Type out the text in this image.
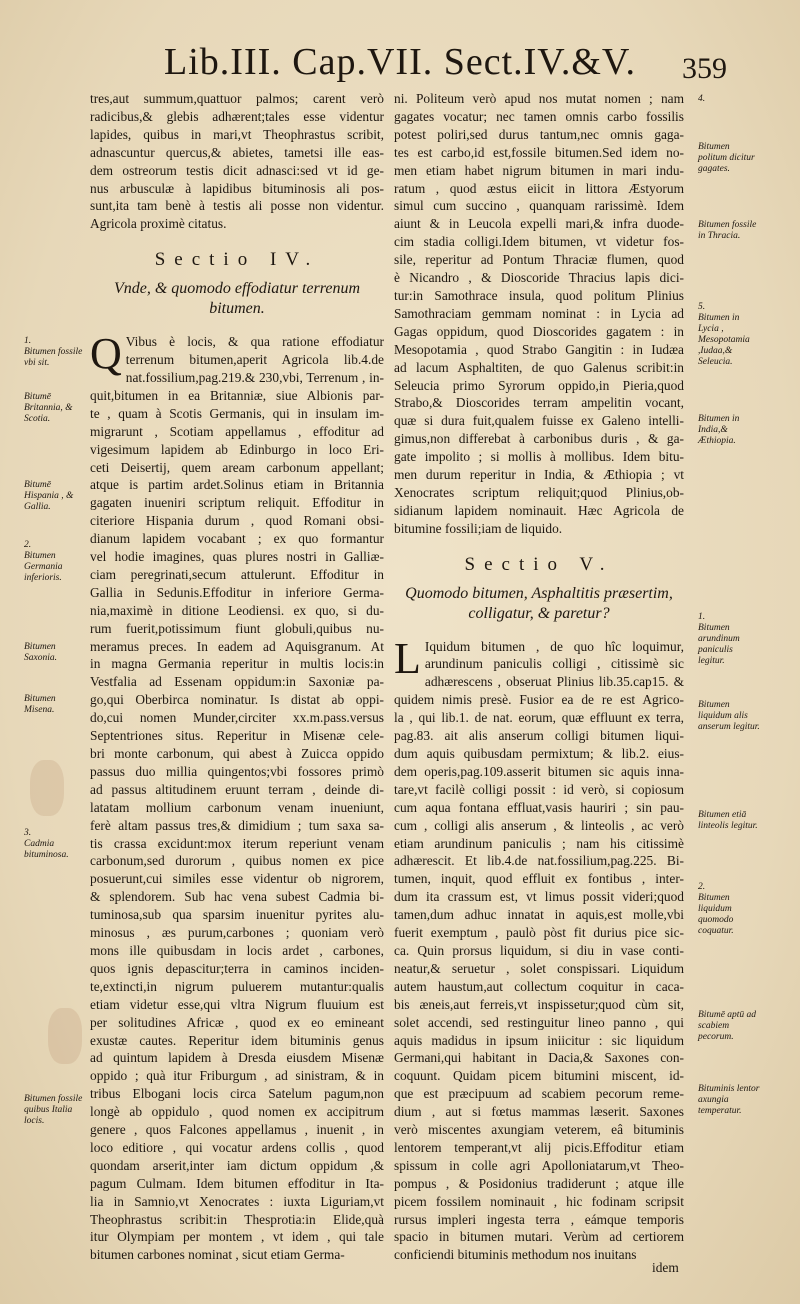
Lib.III. Cap.VII. Sect.IV.&V.	359

tres,aut summum,quattuor palmos; carent verò

radicibus,& glebis adhærent;tales esse videntur

lapides, quibus in mari,vt Theophrastus scribit,

adnascuntur quercus,& abietes, tametsi ille eas-

dem ostreorum testis dicit adnasci:sed vt id ge-

nus arbusculæ à lapidibus bituminosis ali pos-

sunt,ita tam benè à testis ali posse non videntur.

Agricola proximè citatus.

Sectio IV.
Vnde, & quomodo effodiatur terrenum bitumen.
Q Vibus è locis, & qua ratione effodiatur

terrenum bitumen,aperit Agricola lib.4.de

nat.fossilium,pag.219.& 230,vbi, Terrenum , in-

quit,bitumen in ea Britanniæ, siue Albionis par-

te , quam à Scotis Germanis, qui in insulam im-

migrarunt , Scotiam appellamus , effoditur ad

vigesimum lapidem ab Edinburgo in loco Eri-

ceti Deisertij, quem aream carbonum appellant;

atque is partim ardet.Solinus etiam in Britannia

gagaten inueniri scriptum reliquit. Effoditur in

citeriore Hispania durum , quod Romani obsi-

dianum lapidem vocabant ; ex quo formantur

vel hodie imagines, quas plures nostri in Galliæ-

ciam peregrinati,secum attulerunt. Effoditur in

Gallia in Sedunis.Effoditur in inferiore Germa-

nia,maximè in ditione Leodiensi. ex quo, si du-

rum fuerit,potissimum fiunt globuli,quibus nu-

meramus preces. In eadem ad Aquisgranum. At

in magna Germania reperitur in multis locis:in

Vestfalia ad Essenam oppidum:in Saxoniæ pa-

go,qui Oberbirca nominatur. Is distat ab oppi-

do,cui nomen Munder,circiter xx.m.pass.versus

Septentriones situs. Reperitur in Misenæ cele-

bri monte carbonum, qui abest à Zuicca oppido

passus duo millia quingentos;vbi fossores primò

ad passus altitudinem eruunt terram , deinde di-

latatam mollium carbonum venam inueniunt,

ferè altam passus tres,& dimidium ; tum saxa sa-

tis crassa excidunt:mox iterum reperiunt venam

carbonum,sed durorum , quibus nomen ex pice

posuerunt,cui similes esse videntur ob nigrorem,

& splendorem. Sub hac vena subest Cadmia bi-

tuminosa,sub qua sparsim inuenitur pyrites alu-

minosus , æs purum,carbones ; quoniam verò

mons ille quibusdam in locis ardet , carbones,

quos ignis depascitur;terra in caminos inciden-

te,extincti,in nigrum puluerem mutantur:qualis

etiam videtur esse,qui vltra Nigrum fluuium est

per solitudines Africæ , quod ex eo emineant

exustæ cautes. Reperitur idem bituminis genus

ad quintum lapidem à Dresda eiusdem Misenæ

oppido ; quà itur Friburgum , ad sinistram, & in

tribus Elbogani locis circa Satelum pagum,non

longè ab oppidulo , quod nomen ex accipitrum

genere , quos Falcones appellamus , inuenit , in

loco editiore , qui vocatur ardens collis , quod

quondam arserit,inter iam dictum oppidum ,&

pagum Culmam. Idem bitumen effoditur in Ita-

lia in Samnio,vt Xenocrates : iuxta Liguriam,vt

Theophrastus scribit:in Thesprotia:in Elide,quà

itur Olympiam per montem , vt idem , qui tale

bitumen carbones nominat , sicut etiam Germa-

ni. Politeum verò apud nos mutat nomen ; nam

gagates vocatur; nec tamen omnis carbo fossilis

potest poliri,sed durus tantum,nec omnis gaga-

tes est carbo,id est,fossile bitumen.Sed idem no-

men etiam habet nigrum bitumen in mari indu-

ratum , quod æstus eiicit in littora Æstyorum

simul cum succino , quanquam rarissimè. Idem

aiunt & in Leucola expelli mari,& infra duode-

cim stadia colligi.Idem bitumen, vt videtur fos-

sile, reperitur ad Pontum Thraciæ flumen, quod

è Nicandro , & Dioscoride Thracius lapis dici-

tur:in Samothrace insula, quod politum Plinius

Samothraciam gemmam nominat : in Lycia ad

Gagas oppidum, quod Dioscorides gagatem : in

Mesopotamia , quod Strabo Gangitin : in Iudæa

ad lacum Asphaltiten, de quo Galenus scribit:in

Seleucia primo Syrorum oppido,in Pieria,quod

Strabo,& Dioscorides terram ampelitin vocant,

quæ si dura fuit,qualem fuisse ex Galeno intelli-

gimus,non differebat à carbonibus duris , & ga-

gate impolito ; si mollis à mollibus. Idem bitu-

men durum reperitur in India, & Æthiopia ; vt

Xenocrates scriptum reliquit;quod Plinius,ob-

sidianum lapidem nominauit. Hæc Agricola de

bitumine fossili;iam de liquido.

Sectio V.
Quomodo bitumen, Asphaltitis præsertim, colligatur, & paretur?
L Iquidum bitumen , de quo hîc loquimur,

arundinum paniculis colligi , citissimè sic

adhærescens , obseruat Plinius lib.35.cap15. &

quidem nimis presè. Fusior ea de re est Agrico-

la , qui lib.1. de nat. eorum, quæ effluunt ex terra,

pag.83. ait alis anserum colligi bitumen liqui-

dum aquis quibusdam permixtum; & lib.2. eius-

dem operis,pag.109.asserit bitumen sic aquis inna-

tare,vt facilè colligi possit : id verò, si copiosum

cum aqua fontana effluat,vasis hauriri ; sin pau-

cum , colligi alis anserum , & linteolis , ac verò

etiam arundinum paniculis ; nam his citissimè

adhærescit. Et lib.4.de nat.fossilium,pag.225. Bi-

tumen, inquit, quod effluit ex fontibus , inter-

dum ita crassum est, vt limus possit videri;quod

tamen,dum adhuc innatat in aquis,est molle,vbi

fuerit exemptum , paulò pòst fit durius pice sic-

ca. Quin prorsus liquidum, si diu in vase conti-

neatur,& seruetur , solet conspissari. Liquidum

autem haustum,aut collectum coquitur in caca-

bis æneis,aut ferreis,vt inspissetur;quod cùm sit,

solet accendi, sed restinguitur lineo panno , qui

aquis madidus in ipsum iniicitur : sic liquidum

Germani,qui habitant in Dacia,& Saxones con-

coquunt. Quidam picem bitumini miscent, id-

que est præcipuum ad scabiem pecorum reme-

dium , aut si fœtus mammas læserit. Saxones

verò miscentes axungiam veterem, eâ bituminis

lentorem temperant,vt alij picis.Effoditur etiam

spissum in colle agri Apolloniatarum,vt Theo-

pompus , & Posidonius tradiderunt ; atque ille

picem fossilem nominauit , hic fodinam scripsit

rursus impleri ingesta terra , eámque temporis

spacio in bitumen mutari. Verùm ad certiorem

conficiendi bituminis methodum nos inuitans

idem
1.
Bitumen fossile vbi sit.
Bitumē Britannia, & Scotia.
Bitumē Hispania , & Gallia.
2.
Bitumen Germania inferioris.
Bitumen Saxonia.
Bitumen Misena.
3.
Cadmia bituminosa.
Bitumen fossile quibus Italia locis.
4.
Bitumen politum dicitur gagates.
Bitumen fossile in Thracia.
5.
Bitumen in Lycia , Mesopotamia ,Iudaa,& Seleucia.
Bitumen in India,& Æthiopia.
1.
Bitumen arundinum paniculis legitur.
Bitumen liquidum alis anserum legitur.
Bitumen etiā linteolis legitur.
2.
Bitumen liquidum quomodo coquatur.
Bitumē aptū ad scabiem pecorum.
Bituminis lentor axungia temperatur.
